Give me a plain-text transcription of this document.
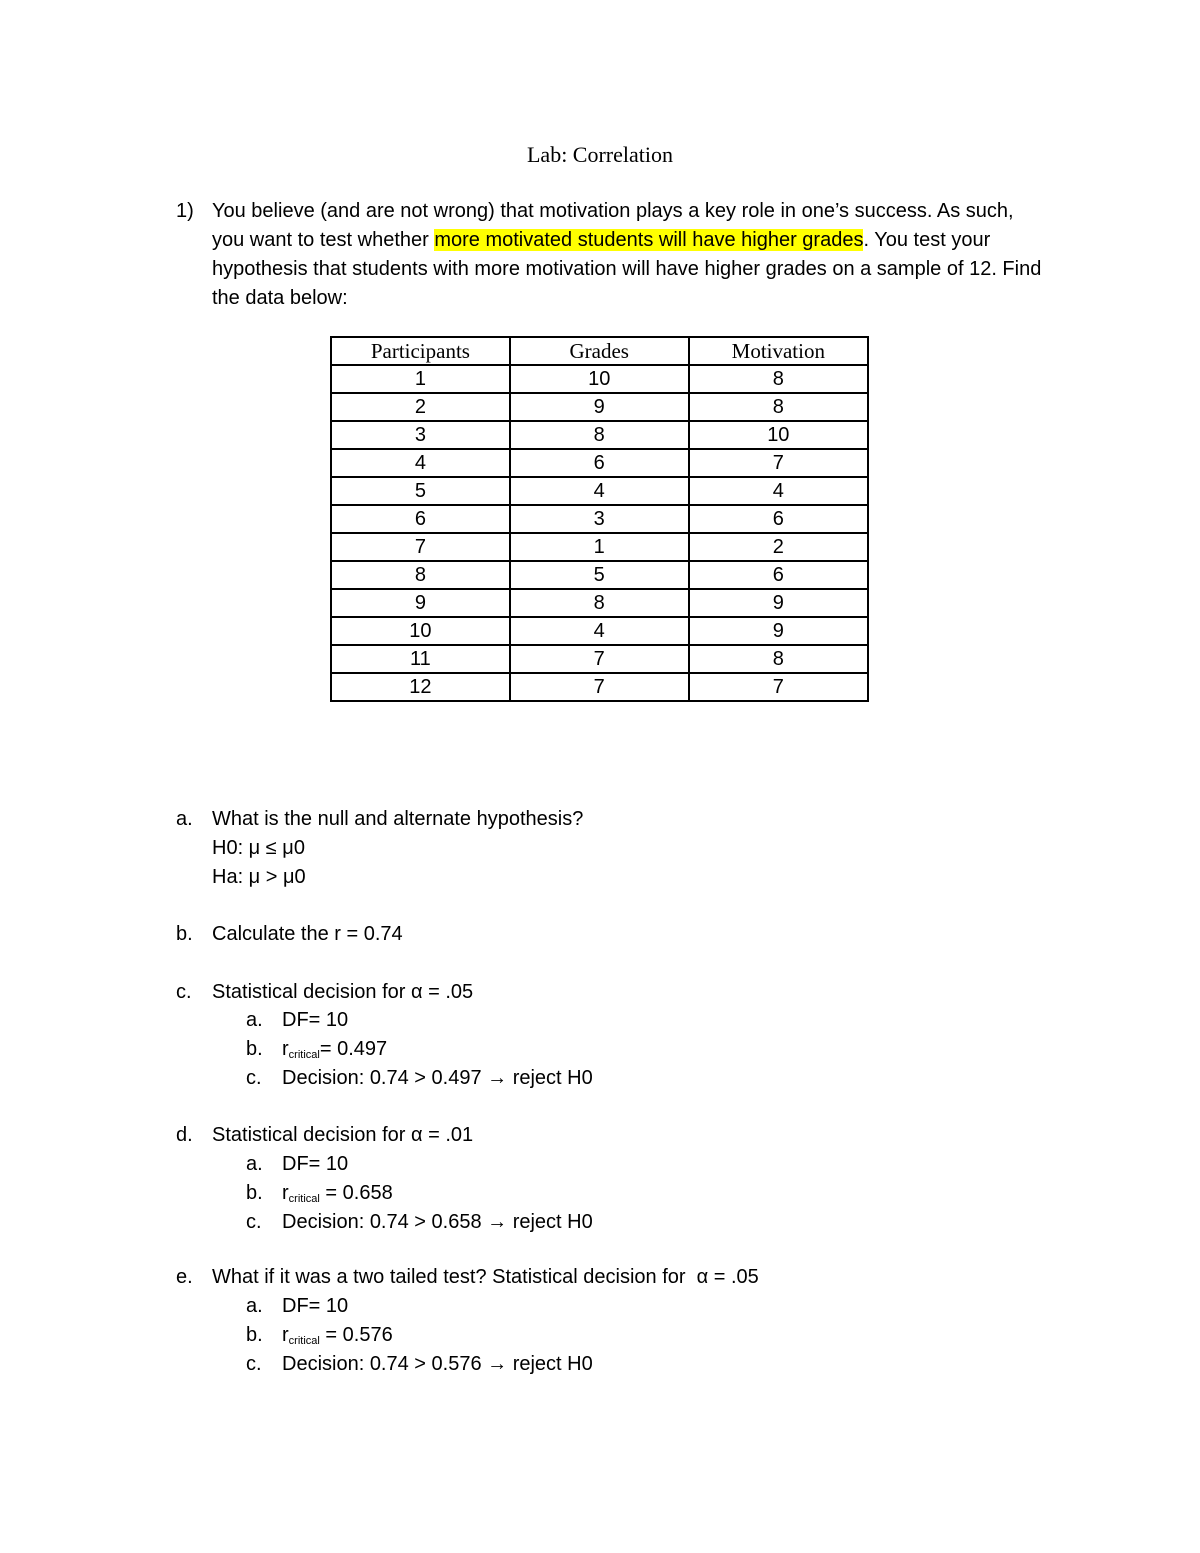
Lab: Correlation
1) You believe (and are not wrong) that motivation plays a key role in one’s success. As such, you want to test whether more motivated students will have higher grades. You test your hypothesis that students with more motivation will have higher grades on a sample of 12. Find the data below:
Participants	Grades	Motivation
1	10	8
2	9	8
3	8	10
4	6	7
5	4	4
6	3	6
7	1	2
8	5	6
9	8	9
10	4	9
11	7	8
12	7	7
a. What is the null and alternate hypothesis?
H0: μ ≤ μ0
Ha: μ > μ0
b. Calculate the r = 0.74
c. Statistical decision for α = .05
a. DF= 10
b. $r_{critical}= 0.497$
c. Decision: 0.74 > 0.497 → reject H0
d. Statistical decision for α = .01
a. DF= 10
b. $r_{critical} = 0.658$
c. Decision: 0.74 > 0.658 → reject H0
e. What if it was a two tailed test? Statistical decision for  α = .05
a. DF= 10
b. $r_{critical} = 0.576$
c. Decision: 0.74 > 0.576 → reject H0
